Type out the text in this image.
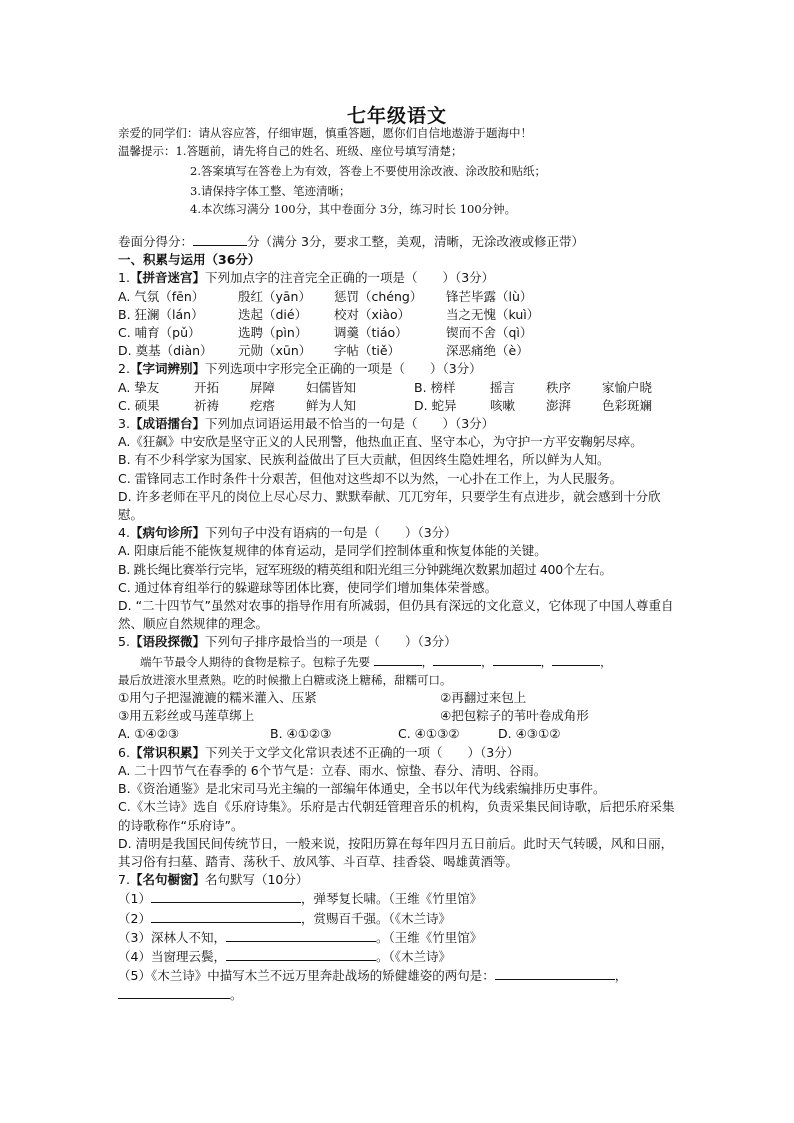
七年级语文
亲爱的同学们：请从容应答，仔细审题，慎重答题，愿你们自信地遨游于题海中！
温馨提示：1.答题前，请先将自己的姓名、班级、座位号填写清楚；
2.答案填写在答卷上为有效，答卷上不要使用涂改液、涂改胶和贴纸；
3.请保持字体工整、笔迹清晰；
4.本次练习满分 100分，其中卷面分 3分，练习时长 100分钟。
卷面分得分：	分（满分 3分，要求工整，美观，清晰，无涂改液或修正带）
一、积累与运用（36分）
1.【拼音迷宫】下列加点字的注音完全正确的一项是（　　）（3分）
A. 气氛（fēn）	殷红（yān）	惩罚（chéng）	锋芒毕露（lù）
B. 狂澜（lán）	迭起（dié）	校对（xiào）	当之无愧（kuì）
C. 哺育（pǔ）	选聘（pìn）	调羹（tiáo）	锲而不舍（qì）
D. 奠基（diàn）	元勋（xūn）	字帖（tiě）	深恶痛绝（è）
2.【字词辨别】下列选项中字形完全正确的一项是（　　）（3分）
A. 挚友	开拓 屏障 妇儒皆知	B. 榜样	摇言 秩序 家愉户晓
C. 硕果	祈祷 疙瘩 鲜为人知	D. 蛇异	咳嗽 澎湃 色彩斑斓
3.【成语擂台】下列加点词语运用最不恰当的一句是（　　）（3分）
A.《狂飙》中安欣是坚守正义的人民刑警，他热血正直、坚守本心，为守护一方平安鞠躬尽瘁。
B. 有不少科学家为国家、民族利益做出了巨大贡献，但因终生隐姓埋名，所以鲜为人知。
C. 雷锋同志工作时条件十分艰苦，但他对这些却不以为然，一心扑在工作上，为人民服务。
D. 许多老师在平凡的岗位上尽心尽力、默默奉献、兀兀穷年，只要学生有点进步，就会感到十分欣慰。
4.【病句诊所】下列句子中没有语病的一句是（　　）（3分）
A. 阳康后能不能恢复规律的体育运动，是同学们控制体重和恢复体能的关键。
B. 跳长绳比赛举行完毕，冠军班级的精英组和阳光组三分钟跳绳次数累加超过 400个左右。
C. 通过体育组举行的躲避球等团体比赛，使同学们增加集体荣誉感。
D. “二十四节气”虽然对农事的指导作用有所减弱，但仍具有深远的文化意义，它体现了中国人尊重自然、顺应自然规律的理念。
5.【语段探微】下列句子排序最恰当的一项是（　　）（3分）
端午节最令人期待的食物是粽子。包粽子先要	，	，	，	，
最后放进滚水里煮熟。吃的时候撒上白糖或浇上糖稀，甜糯可口。
①用勺子把湿漉漉的糯米灌入、压紧	②再翻过来包上
③用五彩丝或马莲草绑上	④把包粽子的苇叶卷成角形
A. ①④②③	B. ④①②③	C. ④①③②	D. ④③①②
6.【常识积累】下列关于文学文化常识表述不正确的一项（　　）（3分）
A. 二十四节气在春季的 6个节气是：立春、雨水、惊蛰、春分、清明、谷雨。
B.《资治通鉴》是北宋司马光主编的一部编年体通史，全书以年代为线索编排历史事件。
C.《木兰诗》选自《乐府诗集》。乐府是古代朝廷管理音乐的机构，负责采集民间诗歌，后把乐府采集的诗歌称作“乐府诗”。
D. 清明是我国民间传统节日，一般来说，按阳历算在每年四月五日前后。此时天气转暖，风和日丽，其习俗有扫墓、踏青、荡秋千、放风筝、斗百草、挂香袋、喝雄黄酒等。
7.【名句橱窗】名句默写（10分）
（1）	，弹琴复长啸。（王维《竹里馆》
（2）	，赏赐百千强。（《木兰诗》
（3）深林人不知，	。（王维《竹里馆》
（4）当窗理云鬓，	。（《木兰诗》
（5）《木兰诗》中描写木兰不远万里奔赴战场的矫健雄姿的两句是：	，
。
